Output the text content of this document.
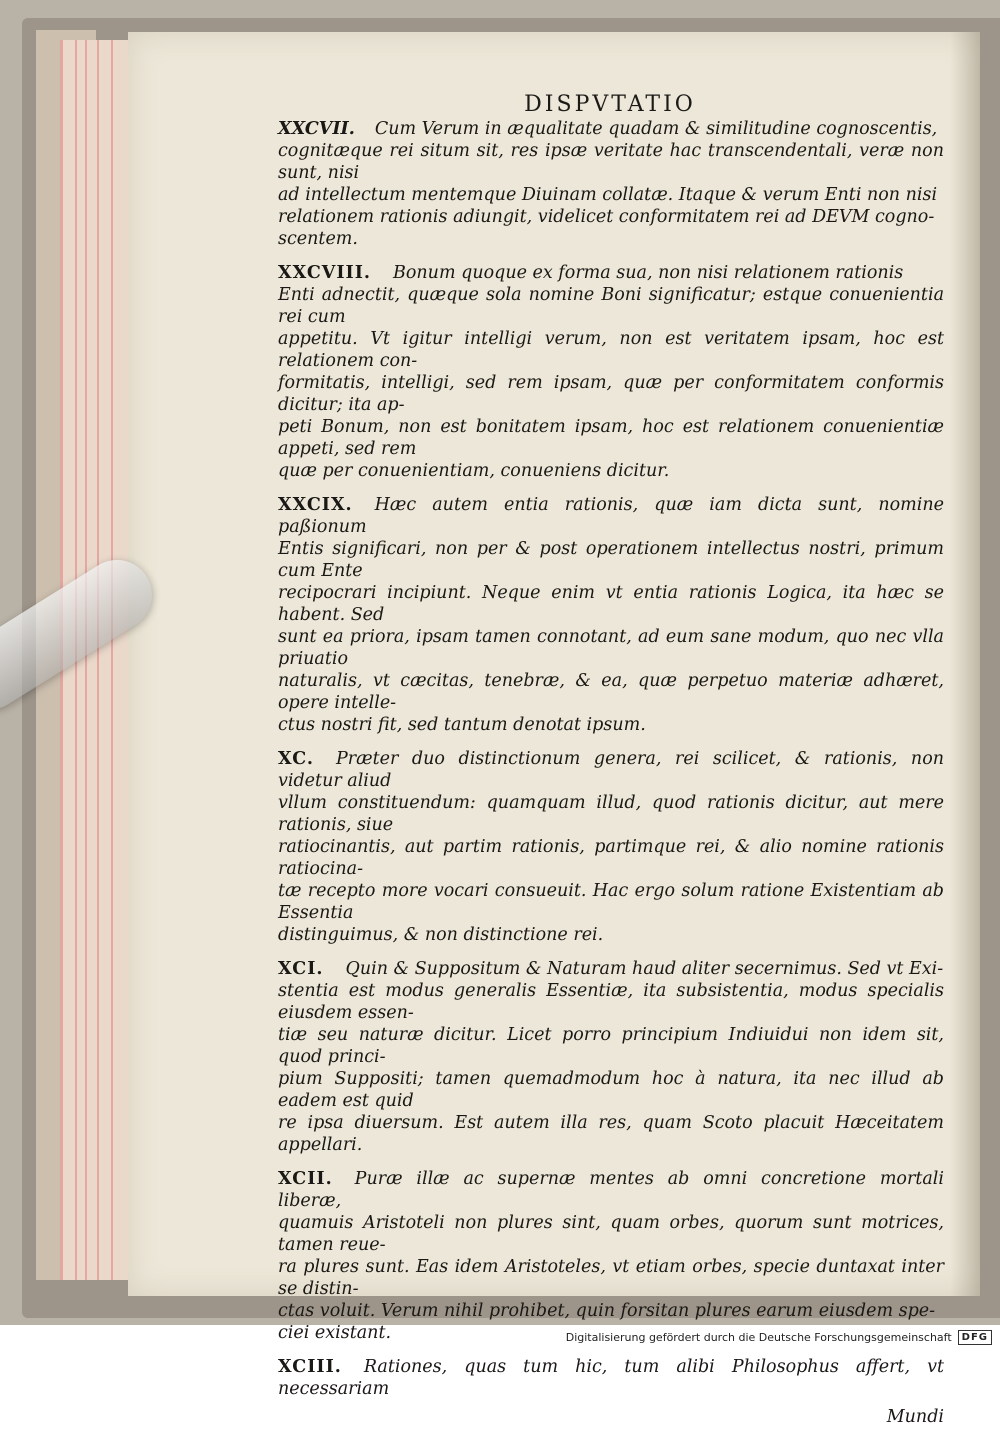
DISPVTATIO

XXCVII. Cum Verum in æqualitate quadam & similitudine cognoscentis,
cognitæque rei situm sit, res ipsæ veritate hac transcendentali, veræ non sunt, nisi
ad intellectum mentemque Diuinam collatæ. Itaque & verum Enti non nisi
relationem rationis adiungit, videlicet conformitatem rei ad DEVM cogno-
scentem.

XXCVIII. Bonum quoque ex forma sua, non nisi relationem rationis
Enti adnectit, quæque sola nomine Boni significatur; estque conuenientia rei cum
appetitu. Vt igitur intelligi verum, non est veritatem ipsam, hoc est relationem con-
formitatis, intelligi, sed rem ipsam, quæ per conformitatem conformis dicitur; ita ap-
peti Bonum, non est bonitatem ipsam, hoc est relationem conuenientiæ appeti, sed rem
quæ per conuenientiam, conueniens dicitur.

XXCIX. Hæc autem entia rationis, quæ iam dicta sunt, nomine paßionum
Entis significari, non per & post operationem intellectus nostri, primum cum Ente
recipocrari incipiunt. Neque enim vt entia rationis Logica, ita hæc se habent. Sed
sunt ea priora, ipsam tamen connotant, ad eum sane modum, quo nec vlla priuatio
naturalis, vt cæcitas, tenebræ, & ea, quæ perpetuo materiæ adhæret, opere intelle-
ctus nostri fit, sed tantum denotat ipsum.

XC. Præter duo distinctionum genera, rei scilicet, & rationis, non videtur aliud
vllum constituendum: quamquam illud, quod rationis dicitur, aut mere rationis, siue
ratiocinantis, aut partim rationis, partimque rei, & alio nomine rationis ratiocina-
tæ recepto more vocari consueuit. Hac ergo solum ratione Existentiam ab Essentia
distinguimus, & non distinctione rei.

XCI. Quin & Suppositum & Naturam haud aliter secernimus. Sed vt Exi-
stentia est modus generalis Essentiæ, ita subsistentia, modus specialis eiusdem essen-
tiæ seu naturæ dicitur. Licet porro principium Indiuidui non idem sit, quod princi-
pium Suppositi; tamen quemadmodum hoc à natura, ita nec illud ab eadem est quid
re ipsa diuersum. Est autem illa res, quam Scoto placuit Hæceitatem appellari.

XCII. Puræ illæ ac supernæ mentes ab omni concretione mortali liberæ,
quamuis Aristoteli non plures sint, quam orbes, quorum sunt motrices, tamen reue-
ra plures sunt. Eas idem Aristoteles, vt etiam orbes, specie duntaxat inter se distin-
ctas voluit. Verum nihil prohibet, quin forsitan plures earum eiusdem spe-
ciei existant.

XCIII. Rationes, quas tum hic, tum alibi Philosophus affert, vt necessariam

Mundi

Digitalisierung gefördert durch die Deutsche Forschungsgemeinschaft	DFG
